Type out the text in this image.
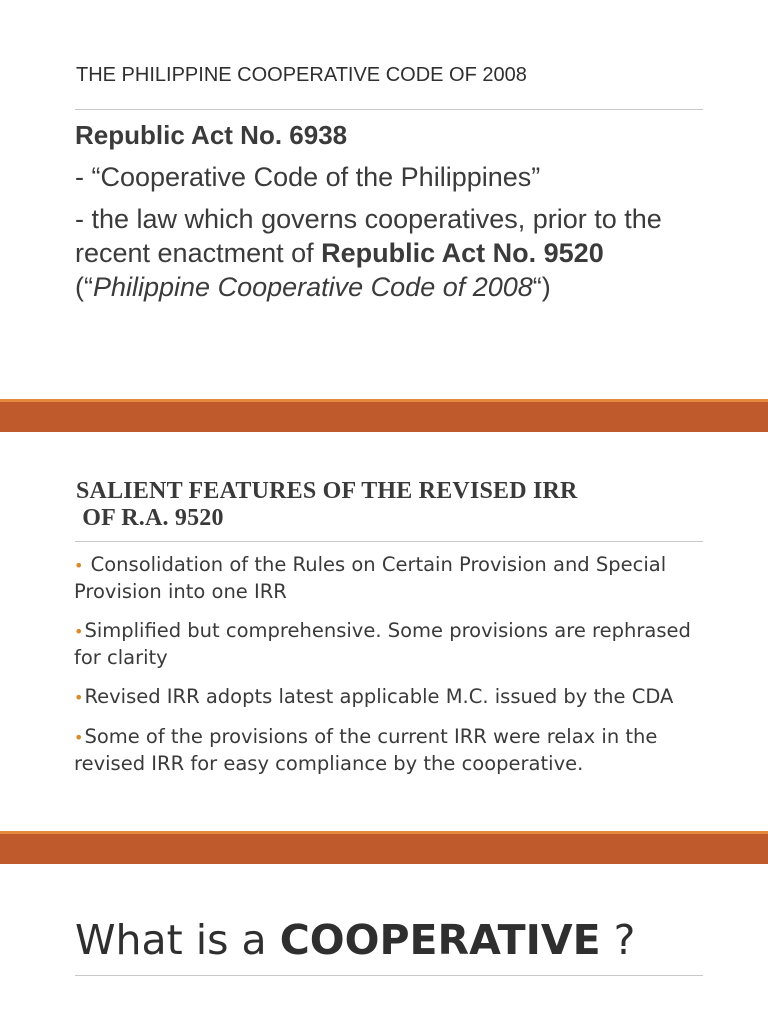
THE PHILIPPINE COOPERATIVE CODE OF 2008

Republic Act No. 6938

- “Cooperative Code of the Philippines”

- the law which governs cooperatives, prior to the recent enactment of Republic Act No. 9520 (“Philippine Cooperative Code of 2008“)

SALIENT FEATURES OF THE REVISED IRR
OF R.A. 9520
• Consolidation of the Rules on Certain Provision and Special Provision into one IRR
•Simplified but comprehensive. Some provisions are rephrased for clarity
•Revised IRR adopts latest applicable M.C. issued by the CDA
•Some of the provisions of the current IRR were relax in the revised IRR for easy compliance by the cooperative.
What is a COOPERATIVE ?
